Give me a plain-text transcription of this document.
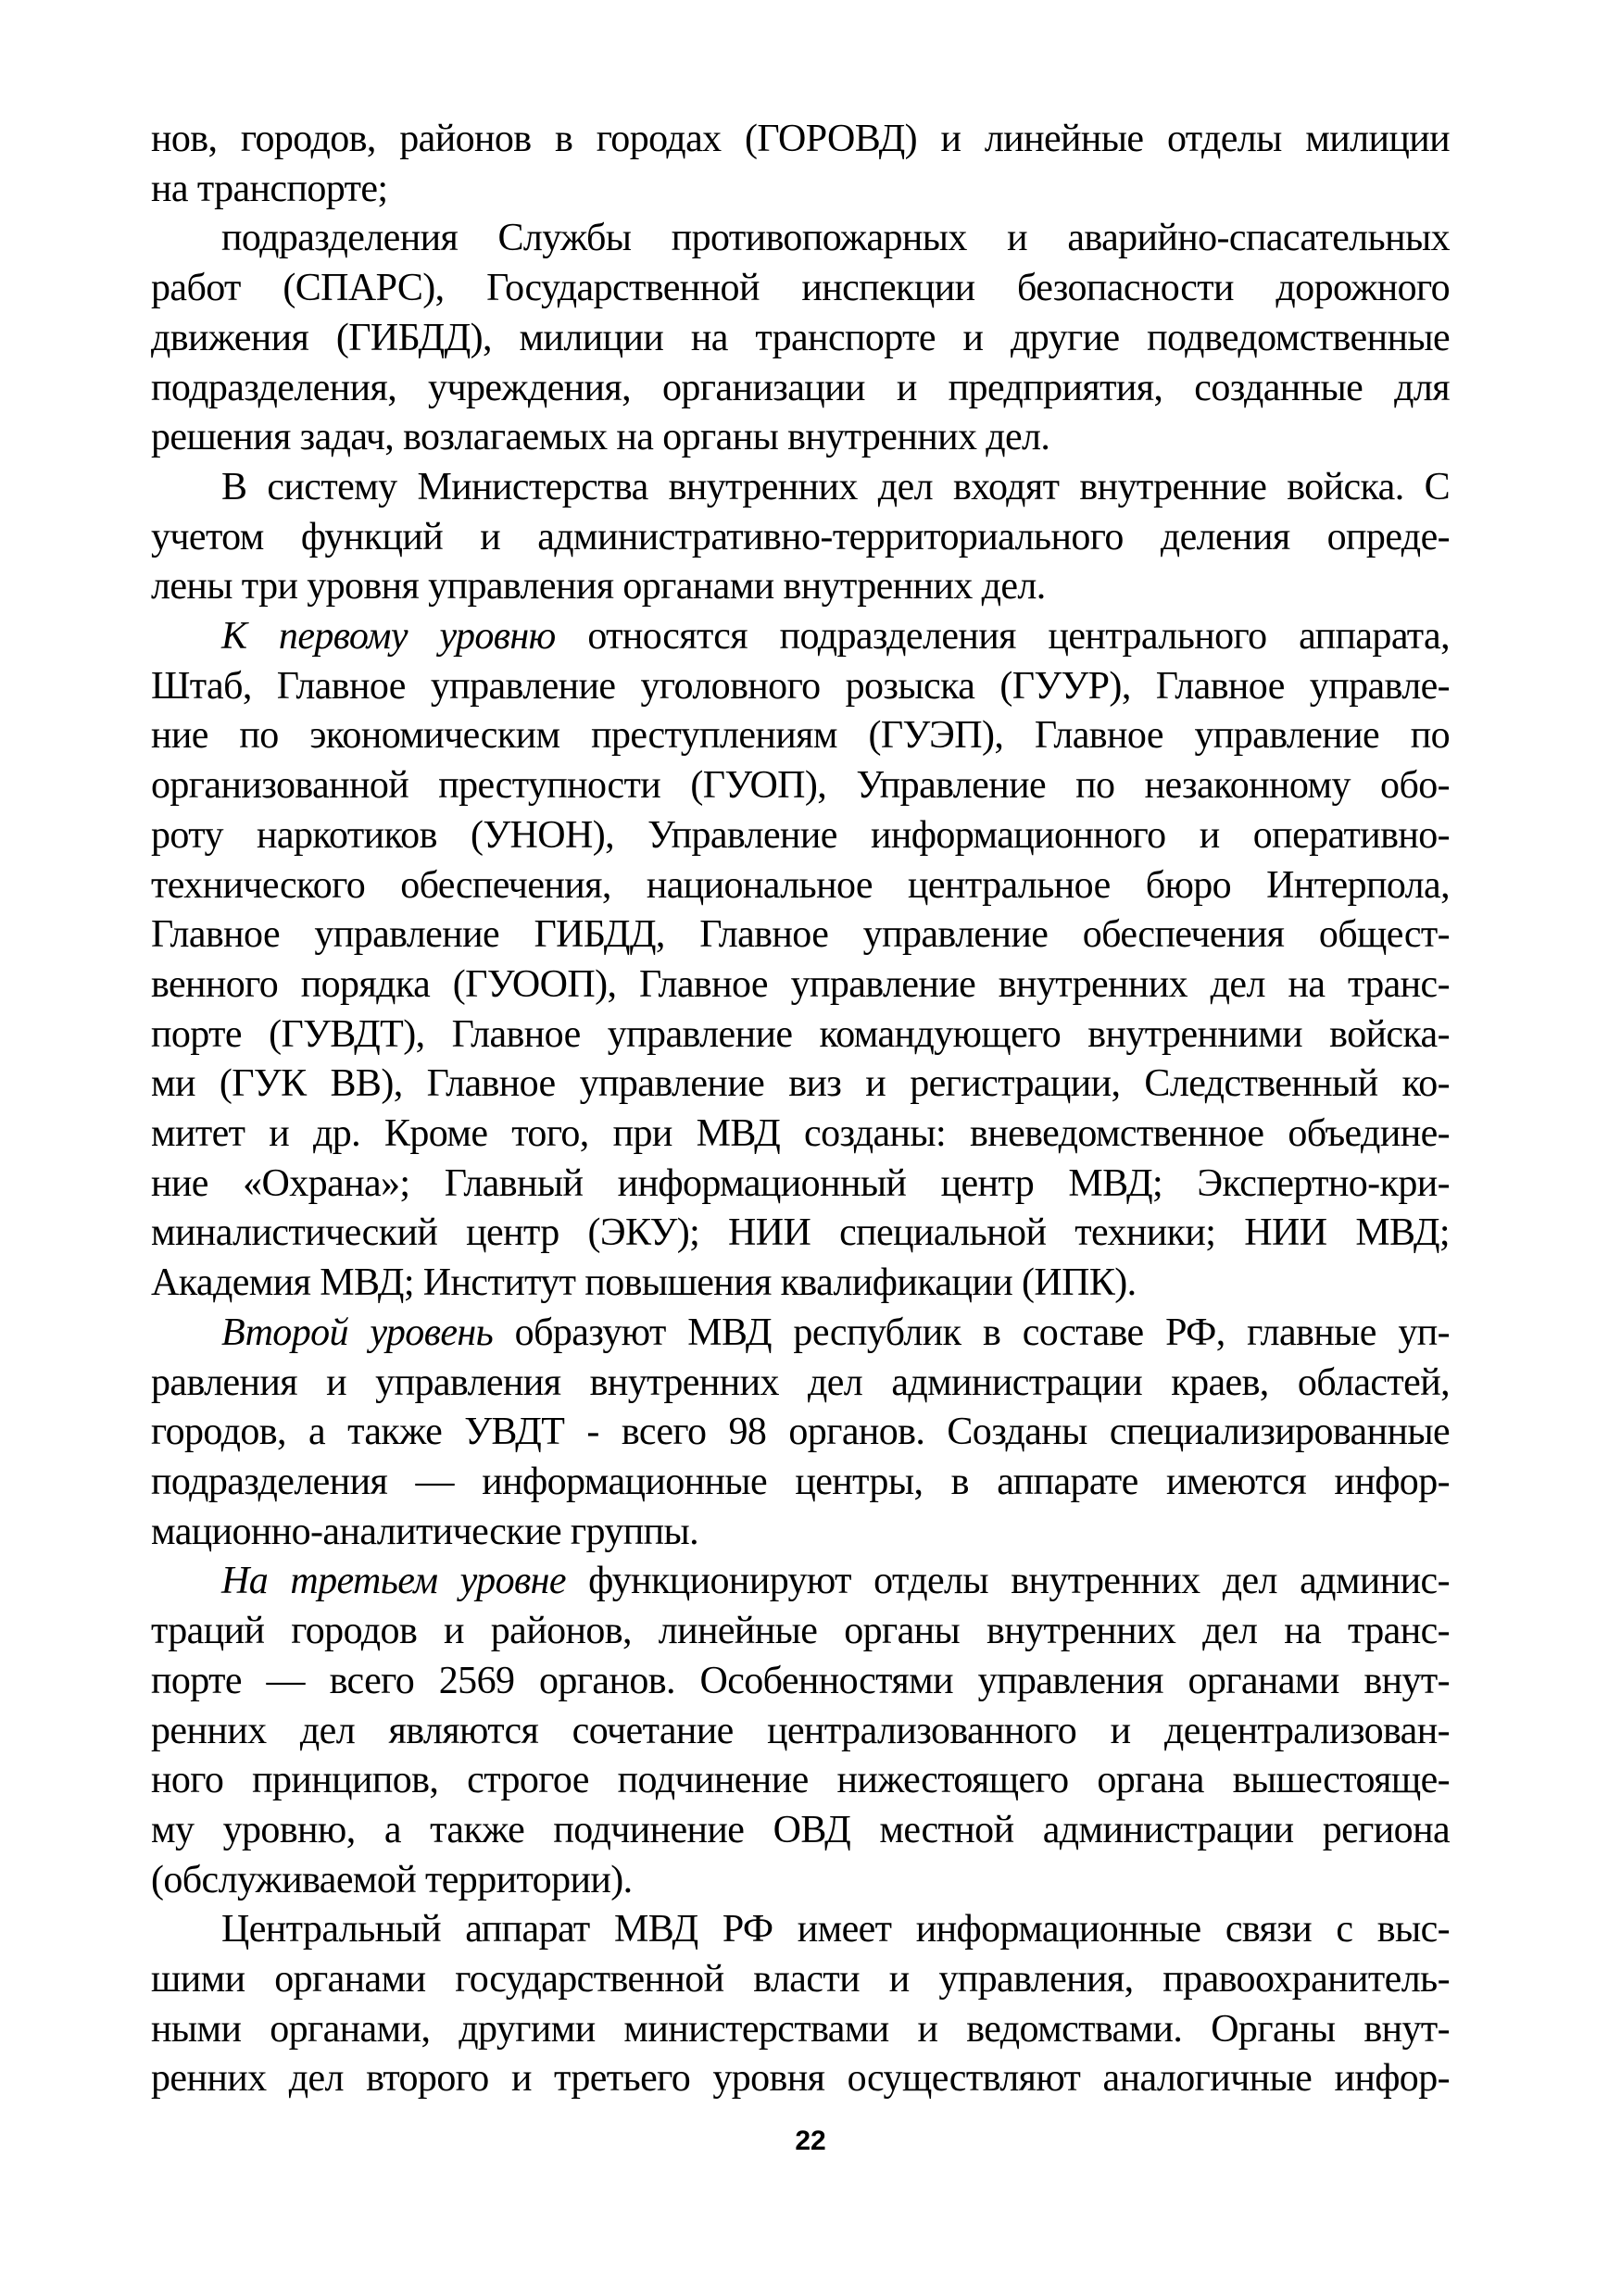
нов, городов, районов в городах (ГОРОВД) и линейные отделы милиции
на транспорте;
подразделения Службы противопожарных и аварийно-спасательных
работ (СПАРС), Государственной инспекции безопасности дорожного
движения (ГИБДД), милиции на транспорте и другие подведомственные
подразделения, учреждения, организации и предприятия, созданные для
решения задач, возлагаемых на органы внутренних дел.
В систему Министерства внутренних дел входят внутренние войска. С
учетом функций и административно-территориального деления опреде-
лены три уровня управления органами внутренних дел.
К первому уровню относятся подразделения центрального аппарата,
Штаб, Главное управление уголовного розыска (ГУУР), Главное управле-
ние по экономическим преступлениям (ГУЭП), Главное управление по
организованной преступности (ГУОП), Управление по незаконному обо-
роту наркотиков (УНОН), Управление информационного и оперативно-
технического обеспечения, национальное центральное бюро Интерпола,
Главное управление ГИБДД, Главное управление обеспечения общест-
венного порядка (ГУООП), Главное управление внутренних дел на транс-
порте (ГУВДТ), Главное управление командующего внутренними войска-
ми (ГУК ВВ), Главное управление виз и регистрации, Следственный ко-
митет и др. Кроме того, при МВД созданы: вневедомственное объедине-
ние «Охрана»; Главный информационный центр МВД; Экспертно-кри-
миналистический центр (ЭКУ); НИИ специальной техники; НИИ МВД;
Академия МВД; Институт повышения квалификации (ИПК).
Второй уровень образуют МВД республик в составе РФ, главные уп-
равления и управления внутренних дел администрации краев, областей,
городов, а также УВДТ - всего 98 органов. Созданы специализированные
подразделения — информационные центры, в аппарате имеются инфор-
мационно-аналитические группы.
На третьем уровне функционируют отделы внутренних дел админис-
траций городов и районов, линейные органы внутренних дел на транс-
порте — всего 2569 органов. Особенностями управления органами внут-
ренних дел являются сочетание централизованного и децентрализован-
ного принципов, строгое подчинение нижестоящего органа вышестояще-
му уровню, а также подчинение ОВД местной администрации региона
(обслуживаемой территории).
Центральный аппарат МВД РФ имеет информационные связи с выс-
шими органами государственной власти и управления, правоохранитель-
ными органами, другими министерствами и ведомствами. Органы внут-
ренних дел второго и третьего уровня осуществляют аналогичные инфор-
22
